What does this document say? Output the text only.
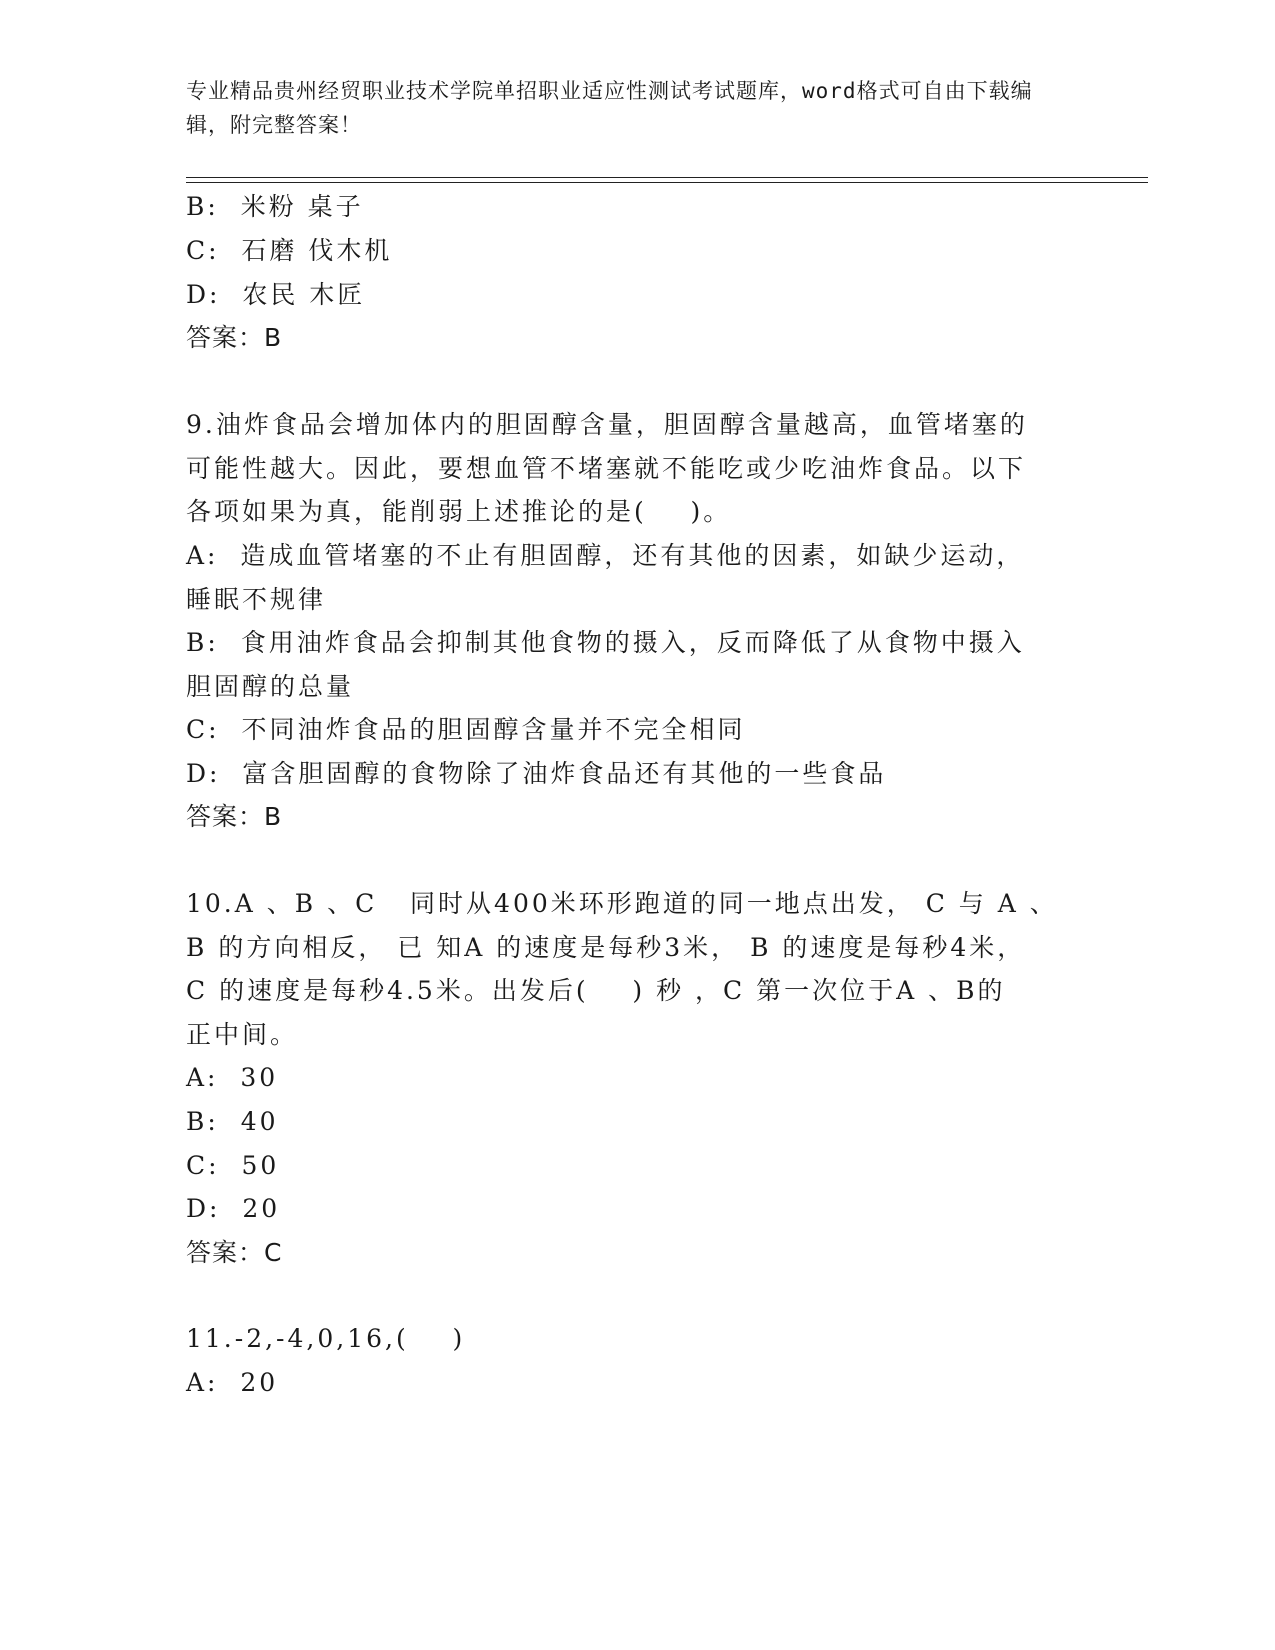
专业精品贵州经贸职业技术学院单招职业适应性测试考试题库，word格式可自由下载编辑，附完整答案！
B:  米粉 桌子
C:  石磨 伐木机
D:  农民 木匠
答案：B
9.油炸食品会增加体内的胆固醇含量，胆固醇含量越高，血管堵塞的
可能性越大。因此，要想血管不堵塞就不能吃或少吃油炸食品。以下
各项如果为真，能削弱上述推论的是(    )。
A:  造成血管堵塞的不止有胆固醇，还有其他的因素，如缺少运动，
睡眠不规律
B:  食用油炸食品会抑制其他食物的摄入，反而降低了从食物中摄入
胆固醇的总量
C:  不同油炸食品的胆固醇含量并不完全相同
D:  富含胆固醇的食物除了油炸食品还有其他的一些食品
答案：B
10.A 、B 、C   同时从400米环形跑道的同一地点出发， C 与 A 、
B 的方向相反， 已 知A 的速度是每秒3米， B 的速度是每秒4米，
C 的速度是每秒4.5米。出发后(    ) 秒 ，C 第一次位于A 、B的
正中间。
A:  30
B:  40
C:  50
D:  20
答案：C
11.-2,-4,0,16,(    )
A:  20
